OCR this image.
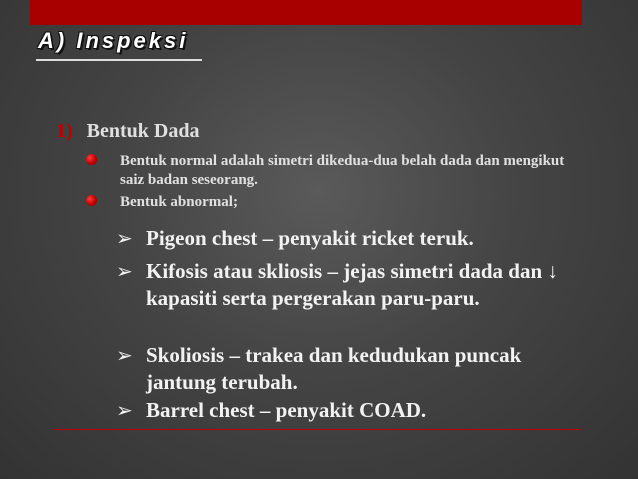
A) Inspeksi
1) Bentuk Dada
Bentuk normal adalah simetri dikedua-dua belah dada dan mengikut saiz badan seseorang.
Bentuk abnormal;
➢ Pigeon chest – penyakit ricket teruk.
➢ Kifosis atau skliosis – jejas simetri dada dan ↓ kapasiti serta pergerakan paru-paru.
➢ Skoliosis – trakea dan kedudukan puncak jantung terubah.
➢ Barrel chest – penyakit COAD.
